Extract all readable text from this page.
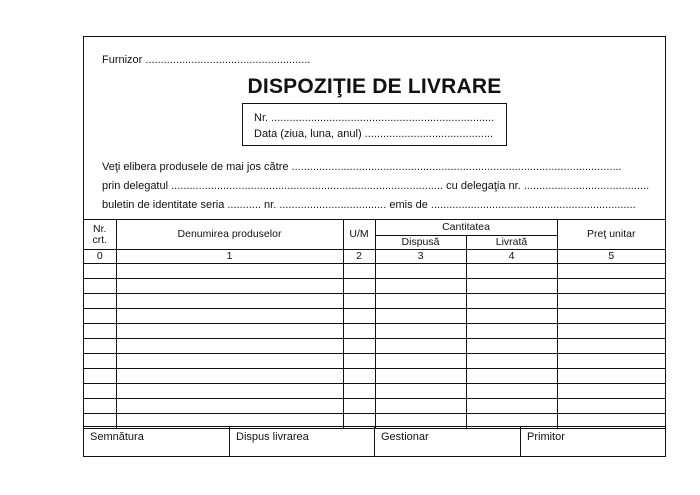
Furnizor ......................................................
DISPOZIŢIE DE LIVRARE
Nr. .........................................................................
Data (ziua, luna, anul) ..........................................
Veţi elibera produsele de mai jos către ............................................................................................................
prin delegatul ......................................................................................... cu delegaţia nr. .........................................
buletin de identitate seria ........... nr. ................................... emis de ...................................................................
Nr.
crt.	Denumirea produselor	U/M	Cantitatea		Preţ unitar
			Dispusă	Livrată	
0	1	2	3	4	5

Semnătura	Dispus livrarea	Gestionar	Primitor
